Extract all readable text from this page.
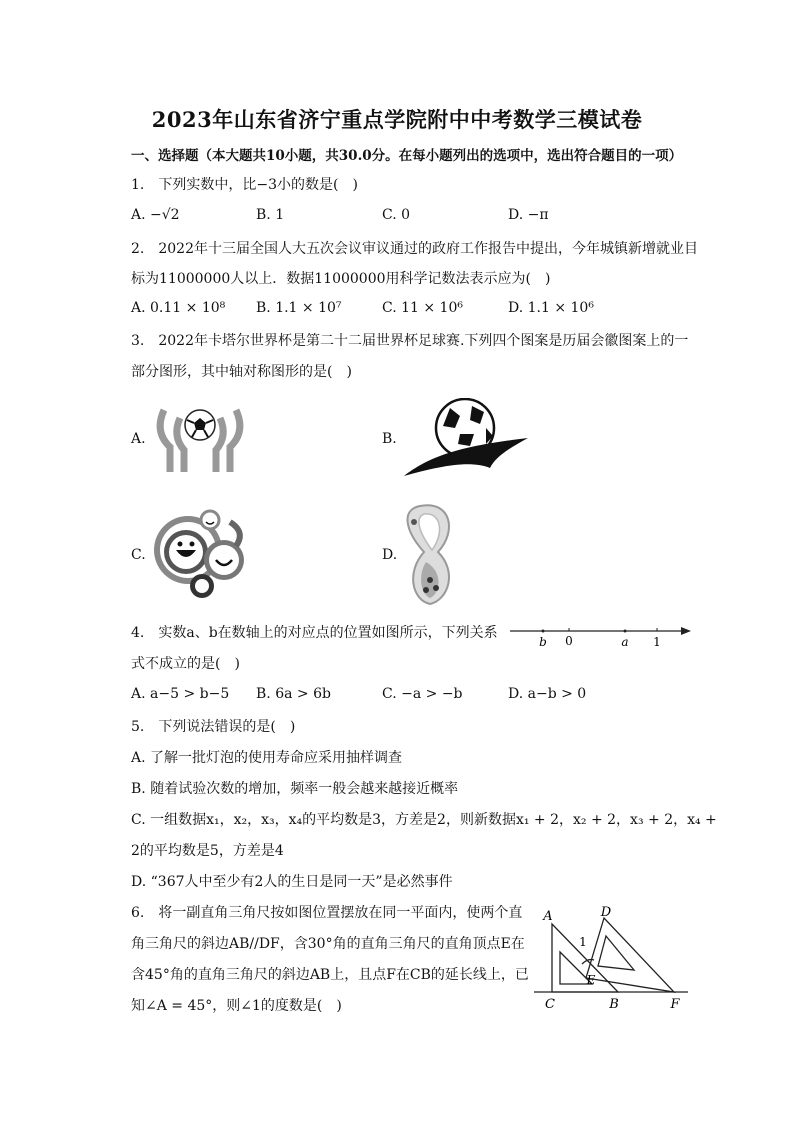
2023年山东省济宁重点学院附中中考数学三模试卷
一、选择题（本大题共10小题，共30.0分。在每小题列出的选项中，选出符合题目的一项）
1.　下列实数中，比−3小的数是(　)
A. −√2	B. 1	C. 0	D. −π
2.　2022年十三届全国人大五次会议审议通过的政府工作报告中提出，今年城镇新增就业目
标为11000000人以上．数据11000000用科学记数法表示应为(　)
A. 0.11 × 10⁸ B. 1.1 × 10⁷	C. 11 × 10⁶	D. 1.1 × 10⁶
3.　2022年卡塔尔世界杯是第二十二届世界杯足球赛.下列四个图案是历届会徽图案上的一
部分图形，其中轴对称图形的是(　)
A.	B.
C.	D.
4.　实数a、b在数轴上的对应点的位置如图所示，下列关系
式不成立的是(　)
b 0	a 1
A. a−5 > b−5 B. 6a > 6b	C. −a > −b	D. a−b > 0
5.　下列说法错误的是(　)
A. 了解一批灯泡的使用寿命应采用抽样调查
B. 随着试验次数的增加，频率一般会越来越接近概率
C. 一组数据x₁，x₂，x₃，x₄的平均数是3，方差是2，则新数据x₁ + 2，x₂ + 2，x₃ + 2，x₄ +
2的平均数是5，方差是4
D. “367人中至少有2人的生日是同一天”是必然事件
6.　将一副直角三角尺按如图位置摆放在同一平面内，使两个直
角三角尺的斜边AB//DF，含30°角的直角三角尺的直角顶点E在
含45°角的直角三角尺的斜边AB上，且点F在CB的延长线上，已
知∠A = 45°，则∠1的度数是(　)
A	D
1
E
C	B	F
